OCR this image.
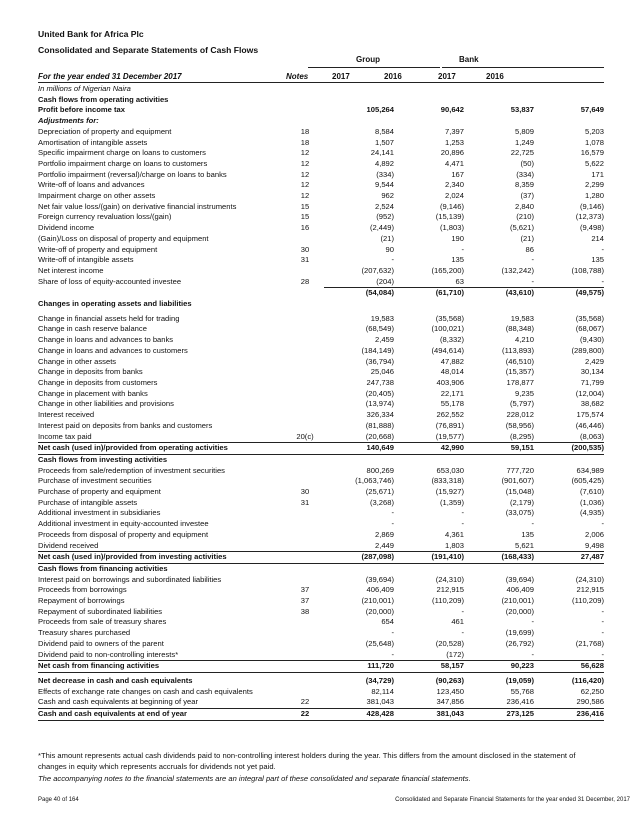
United Bank for Africa Plc
Consolidated and Separate Statements of Cash Flows
Group	Bank
For the year ended 31 December 2017	Notes	2017	2016	2017	2016
In millions of Nigerian Naira					
Cash flows from operating activities					
Profit before income tax		105,264	90,642	53,837	57,649
Adjustments for:					
Depreciation of property and equipment	18	8,584	7,397	5,809	5,203
Amortisation of intangible assets	18	1,507	1,253	1,249	1,078
Specific impairment charge on loans to customers	12	24,141	20,896	22,725	16,579
Portfolio impairment charge on loans to customers	12	4,892	4,471	(50)	5,622
Portfolio impairment (reversal)/charge on loans to banks	12	(334)	167	(334)	171
Write-off of loans and advances	12	9,544	2,340	8,359	2,299
Impairment charge on other assets	12	962	2,024	(37)	1,280
Net fair value loss/(gain) on derivative financial instruments	15	2,524	(9,146)	2,840	(9,146)
Foreign currency revaluation loss/(gain)	15	(952)	(15,139)	(210)	(12,373)
Dividend income	16	(2,449)	(1,803)	(5,621)	(9,498)
(Gain)/Loss on disposal of property and equipment		(21)	190	(21)	214
Write-off of property and equipment	30	90	-	86	-
Write-off of intangible assets	31	-	135	-	135
Net interest income		(207,632)	(165,200)	(132,242)	(108,788)
Share of loss of equity-accounted investee	28	(204)	63	-	-
		(54,084)	(61,710)	(43,610)	(49,575)
Changes in operating assets and liabilities					

Change in financial assets held for trading		19,583	(35,568)	19,583	(35,568)
Change in cash reserve balance		(68,549)	(100,021)	(88,348)	(68,067)
Change in loans and advances to banks		2,459	(8,332)	4,210	(9,430)
Change in loans and advances to customers		(184,149)	(494,614)	(113,893)	(289,800)
Change in other assets		(36,794)	47,882	(46,510)	2,429
Change in deposits from banks		25,046	48,014	(15,357)	30,134
Change in deposits from customers		247,738	403,906	178,877	71,799
Change in placement with banks		(20,405)	22,171	9,235	(12,004)
Change in other liabilities and provisions		(13,974)	55,178	(5,797)	38,682
Interest received		326,334	262,552	228,012	175,574
Interest paid on deposits from banks and customers		(81,888)	(76,891)	(58,956)	(46,446)
Income tax paid	20(c)	(20,668)	(19,577)	(8,295)	(8,063)
Net cash (used in)/provided from operating activities		140,649	42,990	59,151	(200,535)
Cash flows from investing activities					
Proceeds from sale/redemption of investment securities		800,269	653,030	777,720	634,989
Purchase of investment securities		(1,063,746)	(833,318)	(901,607)	(605,425)
Purchase of property and equipment	30	(25,671)	(15,927)	(15,048)	(7,610)
Purchase of intangible assets	31	(3,268)	(1,359)	(2,179)	(1,036)
Additional investment in subsidiaries		-	-	(33,075)	(4,935)
Additional investment in equity-accounted investee		-	-	-	-
Proceeds from disposal of property and equipment		2,869	4,361	135	2,006
Dividend received		2,449	1,803	5,621	9,498
Net cash (used in)/provided from investing activities		(287,098)	(191,410)	(168,433)	27,487
Cash flows from financing activities					
Interest paid on borrowings and subordinated liabilities		(39,694)	(24,310)	(39,694)	(24,310)
Proceeds from borrowings	37	406,409	212,915	406,409	212,915
Repayment of borrowings	37	(210,001)	(110,209)	(210,001)	(110,209)
Repayment of subordinated liabilities	38	(20,000)	-	(20,000)	-
Proceeds from sale of treasury shares		654	461	-	-
Treasury shares purchased		-	-	(19,699)	-
Dividend paid to owners of the parent		(25,648)	(20,528)	(26,792)	(21,768)
Dividend paid to non-controlling interests*		-	(172)	-	-
Net cash from financing activities		111,720	58,157	90,223	56,628

Net decrease in cash and cash equivalents		(34,729)	(90,263)	(19,059)	(116,420)
Effects of exchange rate changes on cash and cash equivalents		82,114	123,450	55,768	62,250
Cash and cash equivalents at beginning of year	22	381,043	347,856	236,416	290,586
Cash and cash equivalents at end of year	22	428,428	381,043	273,125	236,416
*This amount represents actual cash dividends paid to non-controlling interest holders during the year. This differs from the amount disclosed in the statement of changes in equity which represents accruals for dividends not yet paid.
The accompanying notes to the financial statements are an integral part of these consolidated and separate financial statements.
Page 40 of 164	Consolidated and Separate Financial Statements for the year ended 31 December, 2017
